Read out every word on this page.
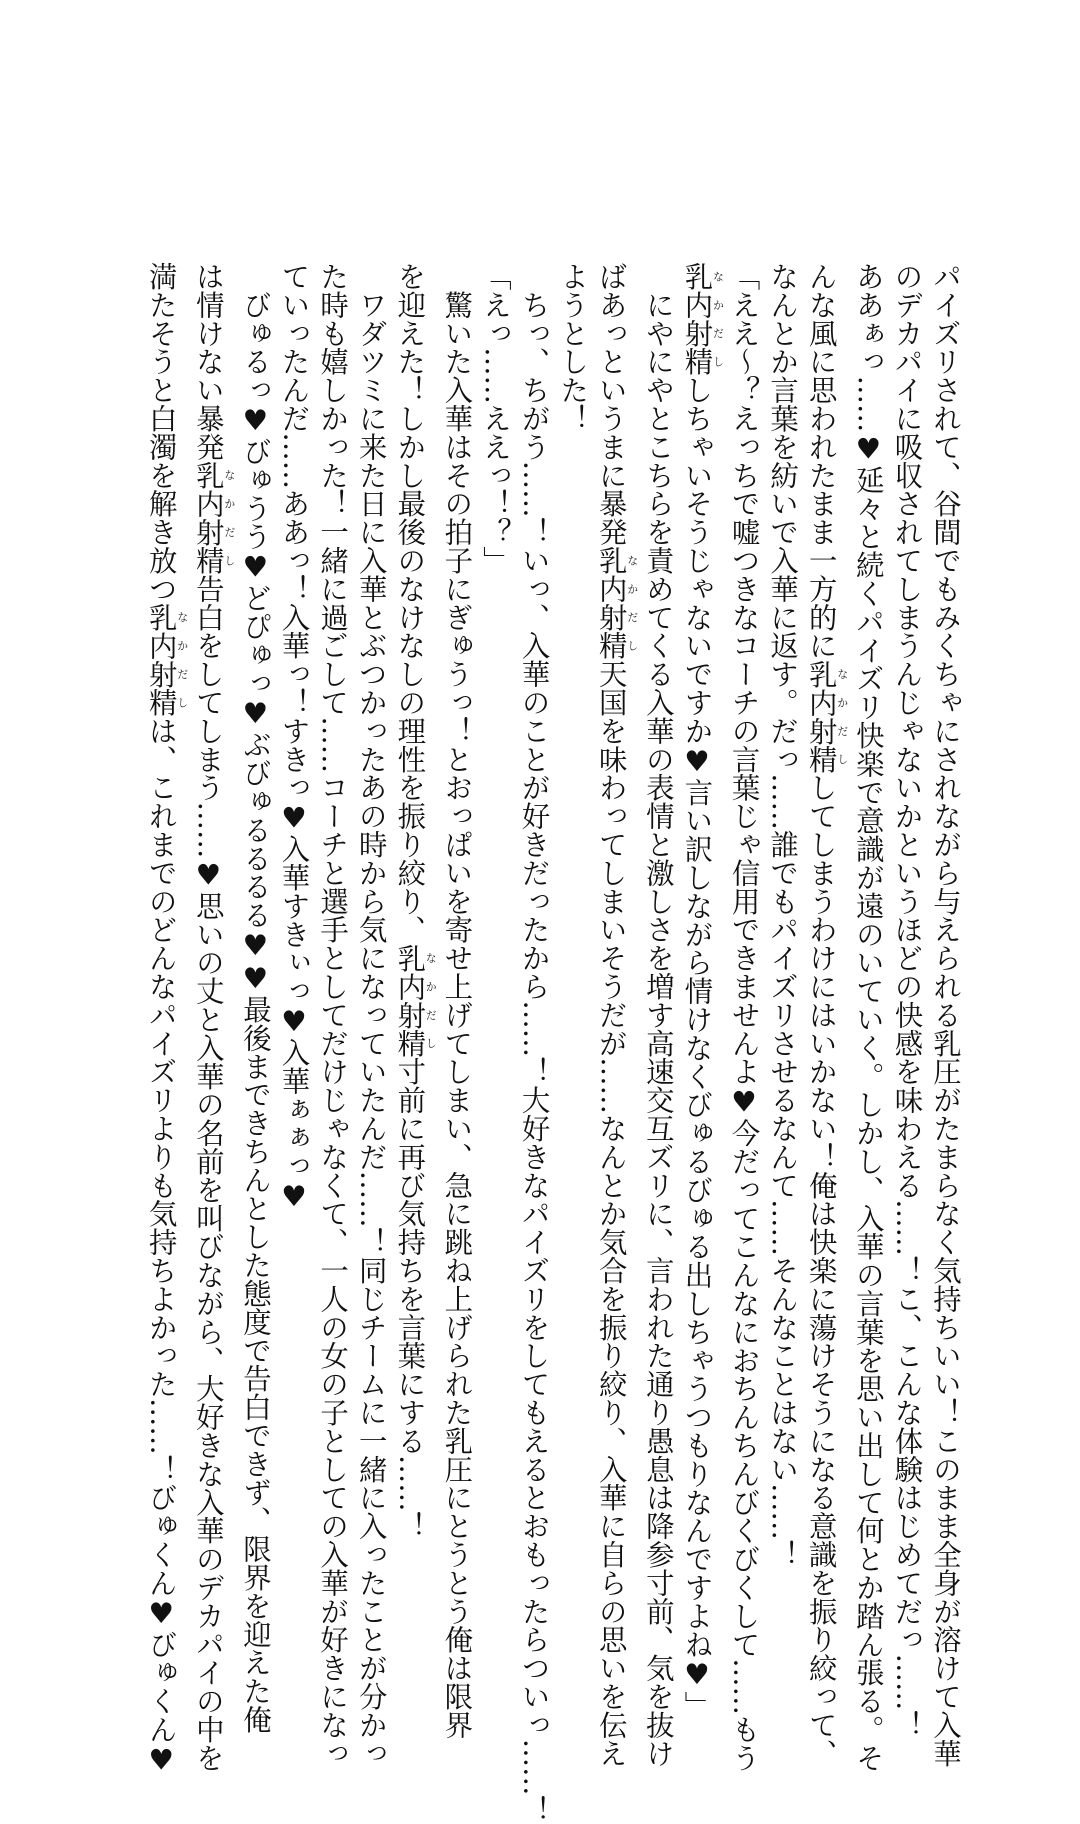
パイズリされて、谷間でもみくちゃにされながら与えられる乳圧がたまらなく気持ちいい！このまま全身が溶けて入華
のデカパイに吸収されてしまうんじゃないかというほどの快感を味わえる……！こ、こんな体験はじめてだっ……！
ああぁっ……♥延々と続くパイズリ快楽で意識が遠のいていく。しかし、入華の言葉を思い出して何とか踏ん張る。そ
んな風に思われたまま一方的に乳内射精なかだししてしまうわけにはいかない！俺は快楽に蕩けそうになる意識を振り絞って、
なんとか言葉を紡いで入華に返す。だっ……誰でもパイズリさせるなんて……そんなことはない……！
「ええ〜？えっちで嘘つきなコーチの言葉じゃ信用できませんよ♥今だってこんなにおちんちんびくびくして……もう
乳内射精なかだししちゃいそうじゃないですか♥言い訳しながら情けなくびゅるびゅる出しちゃうつもりなんですよね♥」
　にやにやとこちらを責めてくる入華の表情と激しさを増す高速交互ズリに、言われた通り愚息は降参寸前、気を抜け
ばあっというまに暴発乳内射精なかだし天国を味わってしまいそうだが……なんとか気合を振り絞り、入華に自らの思いを伝え
ようとした！
　ちっ、ちがう……！いっ、入華のことが好きだったから……！大好きなパイズリをしてもえるとおもったらついっ……！
「えっ……ええっ！？」
　驚いた入華はその拍子にぎゅうっ！とおっぱいを寄せ上げてしまい、急に跳ね上げられた乳圧にとうとう俺は限界
を迎えた！しかし最後のなけなしの理性を振り絞り、乳内射精なかだし寸前に再び気持ちを言葉にする……！
　ワダツミに来た日に入華とぶつかったあの時から気になっていたんだ……！同じチームに一緒に入ったことが分かっ
た時も嬉しかった！一緒に過ごして……コーチと選手としてだけじゃなくて、一人の女の子としての入華が好きになっ
ていったんだ……ああっ！入華っ！すきっ♥入華すきぃっ♥入華ぁぁっ♥
　びゅるっ♥びゅうう♥どぴゅっ♥ぶびゅるるるる♥♥最後まできちんとした態度で告白できず、限界を迎えた俺
は情けない暴発乳内射精なかだし告白をしてしまう……♥思いの丈と入華の名前を叫びながら、大好きな入華のデカパイの中を
満たそうと白濁を解き放つ乳内射精なかだしは、これまでのどんなパイズリよりも気持ちよかった……！びゅくん♥びゅくん♥
